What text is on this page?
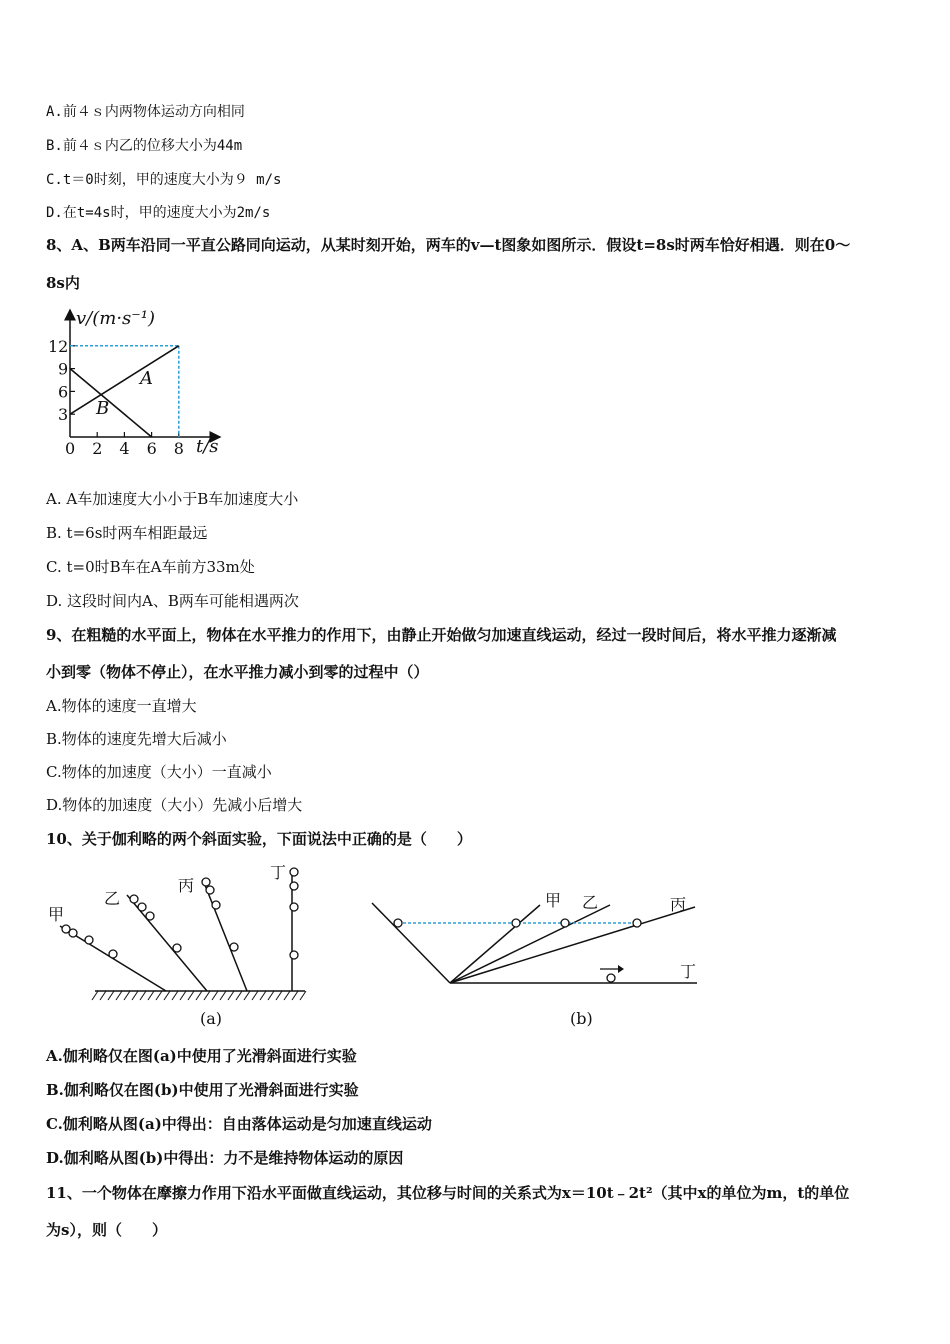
A.前４ｓ内两物体运动方向相同
B.前４ｓ内乙的位移大小为44m
C.t＝0时刻，甲的速度大小为９ m/s
D.在t=4s时，甲的速度大小为2m/s
8、A、B两车沿同一平直公路同向运动，从某时刻开始，两车的v—t图象如图所示．假设t=8s时两车恰好相遇．则在0～
8s内
v/(m·s⁻¹)
t/s
0 2 4 6 8
3
6
9
12
A
B
A. A车加速度大小小于B车加速度大小
B. t=6s时两车相距最远
C. t=0时B车在A车前方33m处
D. 这段时间内A、B两车可能相遇两次
9、在粗糙的水平面上，物体在水平推力的作用下，由静止开始做匀加速直线运动，经过一段时间后，将水平推力逐渐减
小到零（物体不停止），在水平推力减小到零的过程中（）
A.物体的速度一直增大
B.物体的速度先增大后减小
C.物体的加速度（大小）一直减小
D.物体的加速度（大小）先减小后增大
10、关于伽利略的两个斜面实验，下面说法中正确的是（　　）
甲
乙
丙
丁
(a)
甲 乙	丙
丁
(b)
A.伽利略仅在图(a)中使用了光滑斜面进行实验
B.伽利略仅在图(b)中使用了光滑斜面进行实验
C.伽利略从图(a)中得出：自由落体运动是匀加速直线运动
D.伽利略从图(b)中得出：力不是维持物体运动的原因
11、一个物体在摩擦力作用下沿水平面做直线运动，其位移与时间的关系式为x＝10t﹣2t²（其中x的单位为m，t的单位
为s），则（　　）
